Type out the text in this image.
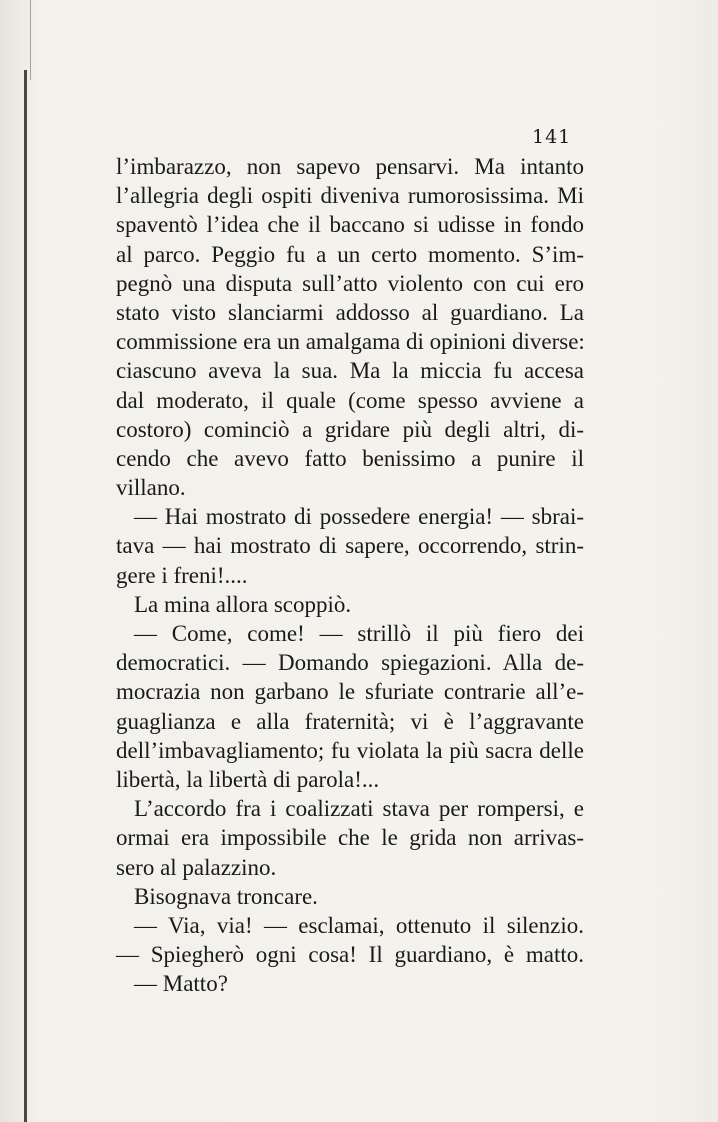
141
l’imbarazzo, non sapevo pensarvi. Ma intanto
l’allegria degli ospiti diveniva rumorosissima. Mi
spaventò l’idea che il baccano si udisse in fondo
al parco. Peggio fu a un certo momento. S’im-
pegnò una disputa sull’atto violento con cui ero
stato visto slanciarmi addosso al guardiano. La
commissione era un amalgama di opinioni diverse:
ciascuno aveva la sua. Ma la miccia fu accesa
dal moderato, il quale (come spesso avviene a
costoro) cominciò a gridare più degli altri, di-
cendo che avevo fatto benissimo a punire il
villano.
— Hai mostrato di possedere energia! — sbrai-
tava — hai mostrato di sapere, occorrendo, strin-
gere i freni!....
La mina allora scoppiò.
— Come, come! — strillò il più fiero dei
democratici. — Domando spiegazioni. Alla de-
mocrazia non garbano le sfuriate contrarie all’e-
guaglianza e alla fraternità; vi è l’aggravante
dell’imbavagliamento; fu violata la più sacra delle
libertà, la libertà di parola!...
L’accordo fra i coalizzati stava per rompersi, e
ormai era impossibile che le grida non arrivas-
sero al palazzino.
Bisognava troncare.
— Via, via! — esclamai, ottenuto il silenzio.
— Spiegherò ogni cosa! Il guardiano, è matto.
— Matto?
